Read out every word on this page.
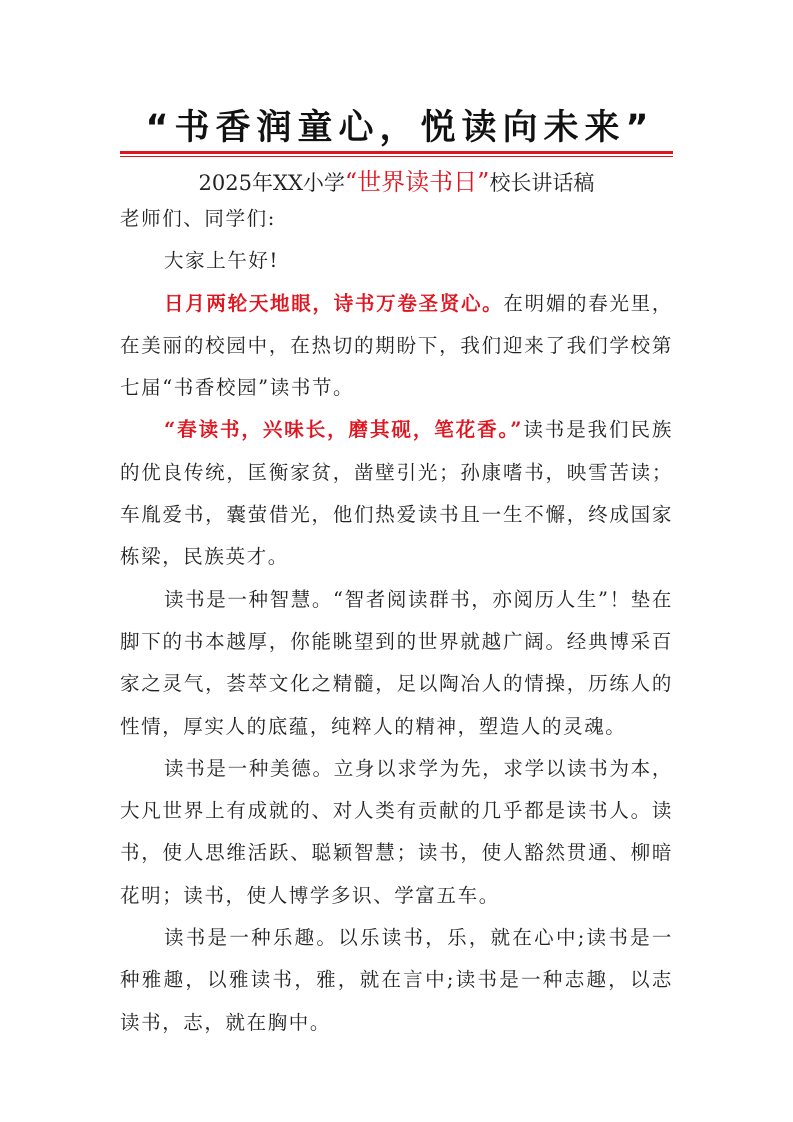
“书香润童心，悦读向未来”
2025年XX小学“世界读书日”校长讲话稿

老师们、同学们:

大家上午好!

日月两轮天地眼，诗书万卷圣贤心。在明媚的春光里，在美丽的校园中，在热切的期盼下，我们迎来了我们学校第七届“书香校园”读书节。

“春读书，兴味长，磨其砚，笔花香。”读书是我们民族的优良传统，匡衡家贫，凿壁引光；孙康嗜书，映雪苦读；车胤爱书，囊萤借光，他们热爱读书且一生不懈，终成国家栋梁，民族英才。

读书是一种智慧。“智者阅读群书，亦阅历人生”！垫在脚下的书本越厚，你能眺望到的世界就越广阔。经典博采百家之灵气，荟萃文化之精髓，足以陶冶人的情操，历练人的性情，厚实人的底蕴，纯粹人的精神，塑造人的灵魂。

读书是一种美德。立身以求学为先，求学以读书为本，大凡世界上有成就的、对人类有贡献的几乎都是读书人。读书，使人思维活跃、聪颖智慧；读书，使人豁然贯通、柳暗花明；读书，使人博学多识、学富五车。

读书是一种乐趣。以乐读书，乐，就在心中;读书是一种雅趣，以雅读书，雅，就在言中;读书是一种志趣，以志读书，志，就在胸中。
